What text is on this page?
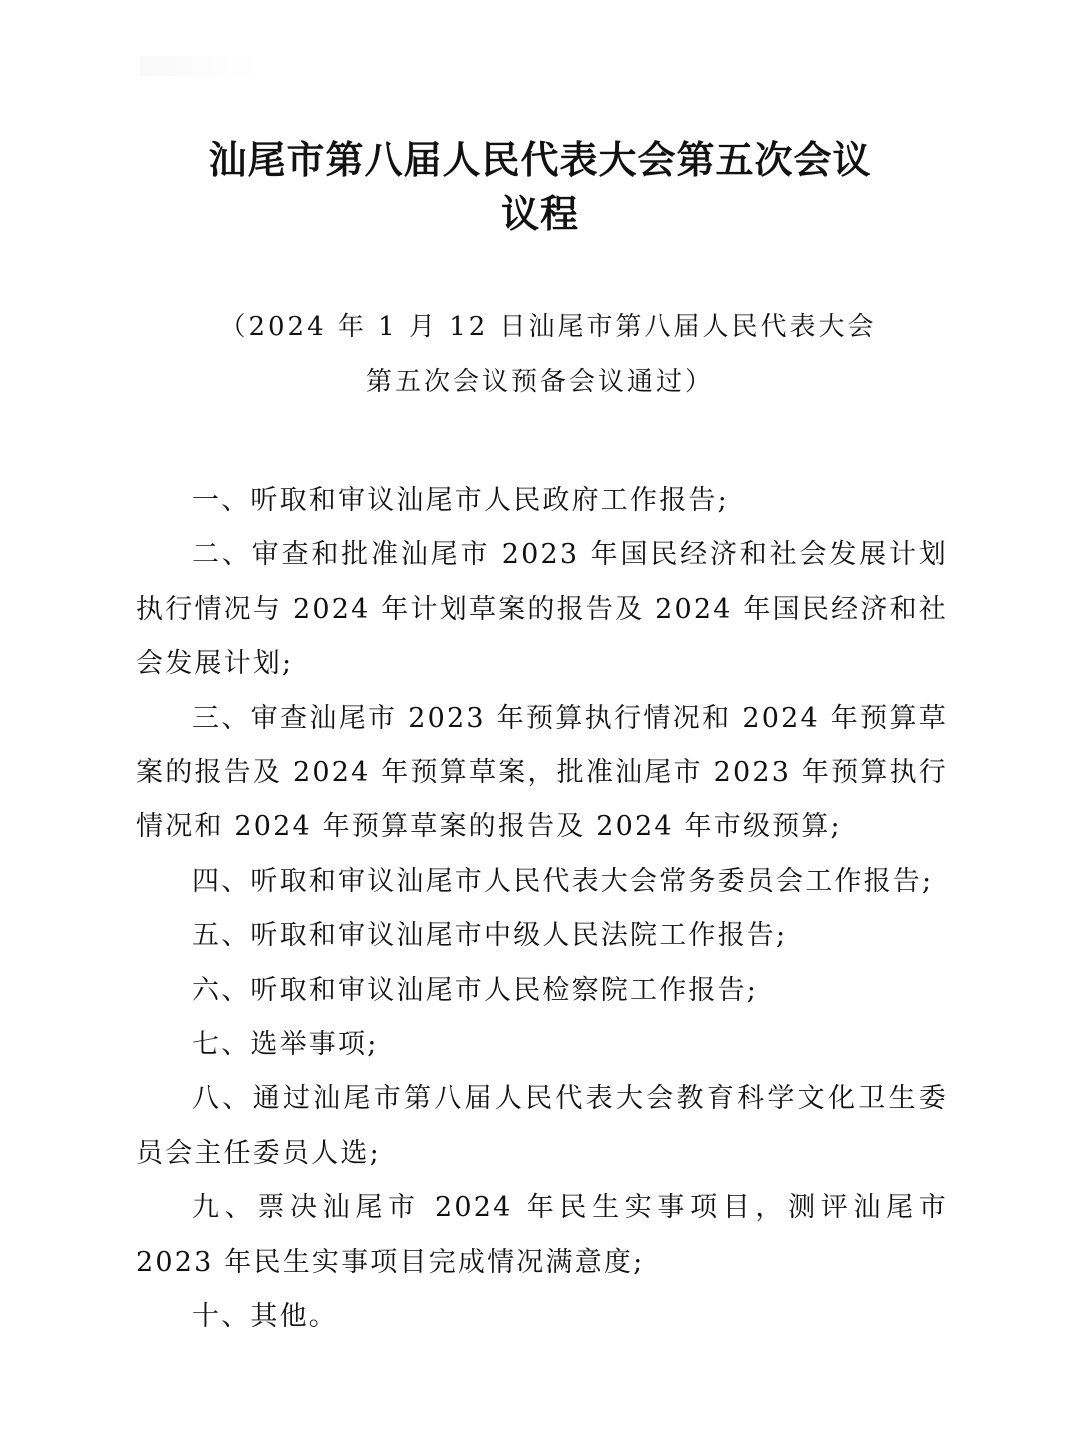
汕尾市第八届人民代表大会第五次会议
议程

（2024 年 1 月 12 日汕尾市第八届人民代表大会

第五次会议预备会议通过）

一、听取和审议汕尾市人民政府工作报告;

二、审查和批准汕尾市 2023 年国民经济和社会发展计划执行情况与 2024 年计划草案的报告及 2024 年国民经济和社会发展计划;

三、审查汕尾市 2023 年预算执行情况和 2024 年预算草案的报告及 2024 年预算草案，批准汕尾市 2023 年预算执行情况和 2024 年预算草案的报告及 2024 年市级预算;

四、听取和审议汕尾市人民代表大会常务委员会工作报告;

五、听取和审议汕尾市中级人民法院工作报告;

六、听取和审议汕尾市人民检察院工作报告;

七、选举事项;

八、通过汕尾市第八届人民代表大会教育科学文化卫生委员会主任委员人选;

九、票决汕尾市 2024 年民生实事项目，测评汕尾市 2023 年民生实事项目完成情况满意度;

十、其他。
